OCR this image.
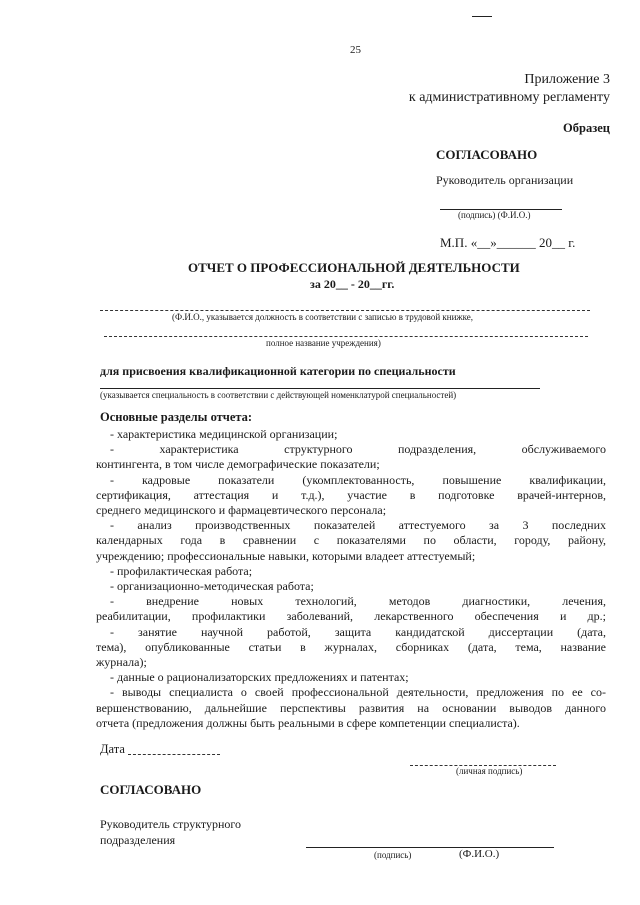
25
Приложение 3
к административному регламенту
Образец
СОГЛАСОВАНО
Руководитель организации
(подпись) (Ф.И.О.)
М.П. «__»______ 20__ г.
ОТЧЕТ О ПРОФЕССИОНАЛЬНОЙ ДЕЯТЕЛЬНОСТИ
за 20__ - 20__гг.
(Ф.И.О., указывается должность в соответствии с записью в трудовой книжке,
полное название учреждения)
для присвоения квалификационной категории по специальности
(указывается специальность в соответствии с действующей номенклатурой специальностей)
Основные разделы отчета:

- характеристика медицинской организации;

- характеристика структурного подразделения, обслуживаемого

контингента, в том числе демографические показатели;

- кадровые показатели (укомплектованность, повышение квалификации,

сертификация, аттестация и т.д.), участие в подготовке врачей-интернов,

среднего медицинского и фармацевтического персонала;

- анализ производственных показателей аттестуемого за 3 последних

календарных года в сравнении с показателями по области, городу, району,

учреждению; профессиональные навыки, которыми владеет аттестуемый;

- профилактическая работа;

- организационно-методическая работа;

- внедрение новых технологий, методов диагностики, лечения,

реабилитации, профилактики заболеваний, лекарственного обеспечения и др.;

- занятие научной работой, защита кандидатской диссертации (дата,

тема), опубликованные статьи в журналах, сборниках (дата, тема, название

журнала);

- данные о рационализаторских предложениях и патентах;

- выводы специалиста о своей профессиональной деятельности, предложения по ее со-

вершенствованию, дальнейшие перспективы развития на основании выводов данного

отчета (предложения должны быть реальными в сфере компетенции специалиста).

Дата
(личная подпись)
СОГЛАСОВАНО
Руководитель структурного
подразделения
(подпись)	(Ф.И.О.)
